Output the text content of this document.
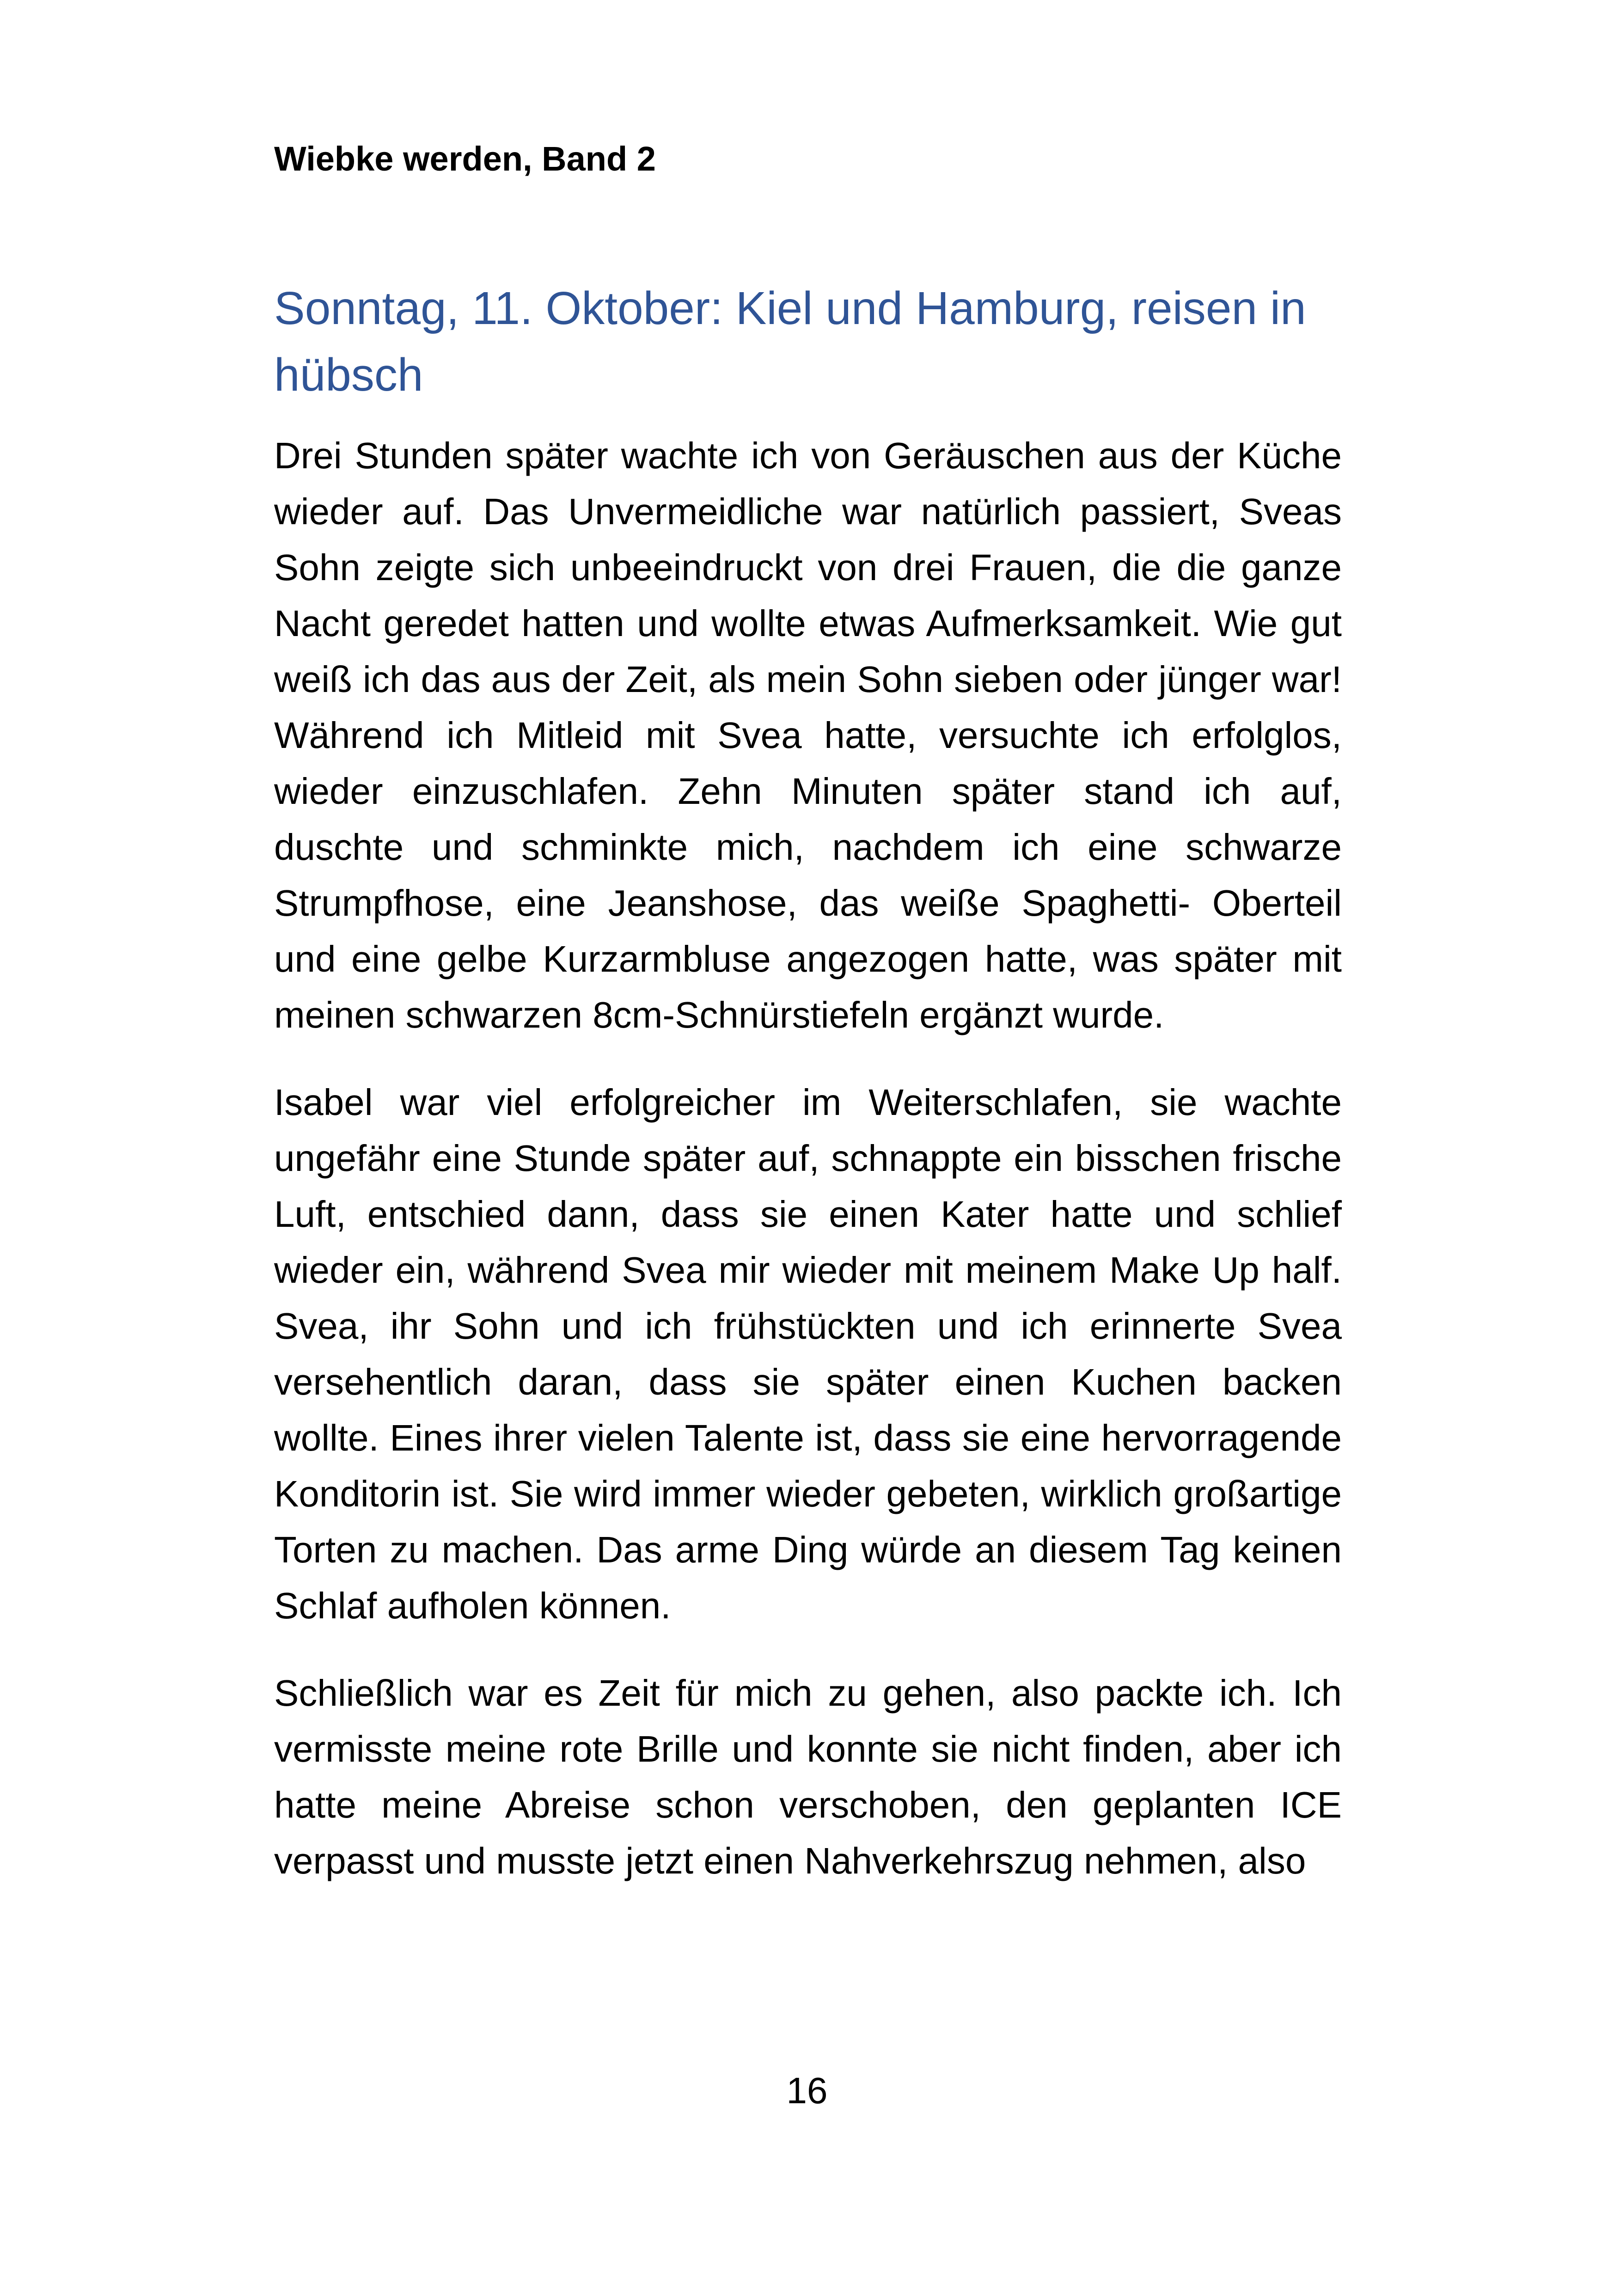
Wiebke werden, Band 2
Sonntag, 11. Oktober: Kiel und Hamburg, reisen in hübsch

Drei Stunden später wachte ich von Geräuschen aus der Küche wieder auf. Das Unvermeidliche war natürlich passiert, Sveas Sohn zeigte sich unbeeindruckt von drei Frauen, die die ganze Nacht geredet hatten und wollte etwas Aufmerksamkeit. Wie gut weiß ich das aus der Zeit, als mein Sohn sieben oder jünger war! Während ich Mitleid mit Svea hatte, versuchte ich erfolglos, wieder einzuschlafen. Zehn Minuten später stand ich auf, duschte und schminkte mich, nachdem ich eine schwarze Strumpfhose, eine Jeanshose, das weiße Spaghetti- Oberteil und eine gelbe Kurzarmbluse angezogen hatte, was später mit meinen schwarzen 8cm-Schnürstiefeln ergänzt wurde.

Isabel war viel erfolgreicher im Weiterschlafen, sie wachte ungefähr eine Stunde später auf, schnappte ein bisschen frische Luft, entschied dann, dass sie einen Kater hatte und schlief wieder ein, während Svea mir wieder mit meinem Make Up half. Svea, ihr Sohn und ich frühstückten und ich erinnerte Svea versehentlich daran, dass sie später einen Kuchen backen wollte. Eines ihrer vielen Talente ist, dass sie eine hervorragende Konditorin ist. Sie wird immer wieder gebeten, wirklich großartige Torten zu machen. Das arme Ding würde an diesem Tag keinen Schlaf aufholen können.

Schließlich war es Zeit für mich zu gehen, also packte ich. Ich vermisste meine rote Brille und konnte sie nicht finden, aber ich hatte meine Abreise schon verschoben, den geplanten ICE verpasst und musste jetzt einen Nahverkehrszug nehmen, also

16
